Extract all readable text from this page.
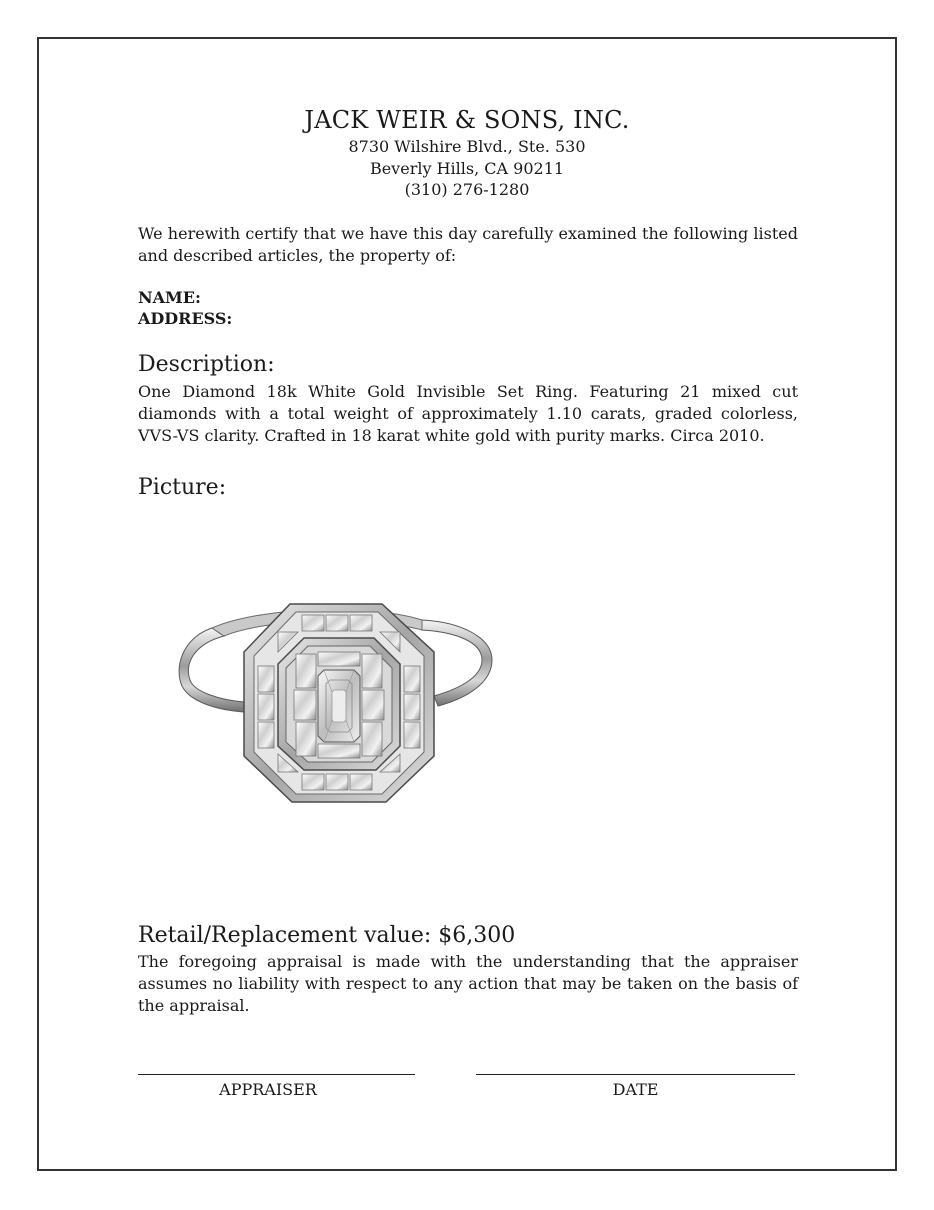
JACK WEIR & SONS, INC.
8730 Wilshire Blvd., Ste. 530
Beverly Hills, CA 90211
(310) 276-1280
We herewith certify that we have this day carefully examined the following listed and described articles, the property of:
NAME:
ADDRESS:
Description:
One Diamond 18k White Gold Invisible Set Ring. Featuring 21 mixed cut diamonds with a total weight of approximately 1.10 carats, graded colorless, VVS-VS clarity. Crafted in 18 karat white gold with purity marks. Circa 2010.
Picture:
Retail/Replacement value: $6,300
The foregoing appraisal is made with the understanding that the appraiser assumes no liability with respect to any action that may be taken on the basis of the appraisal.
APPRAISER	DATE
